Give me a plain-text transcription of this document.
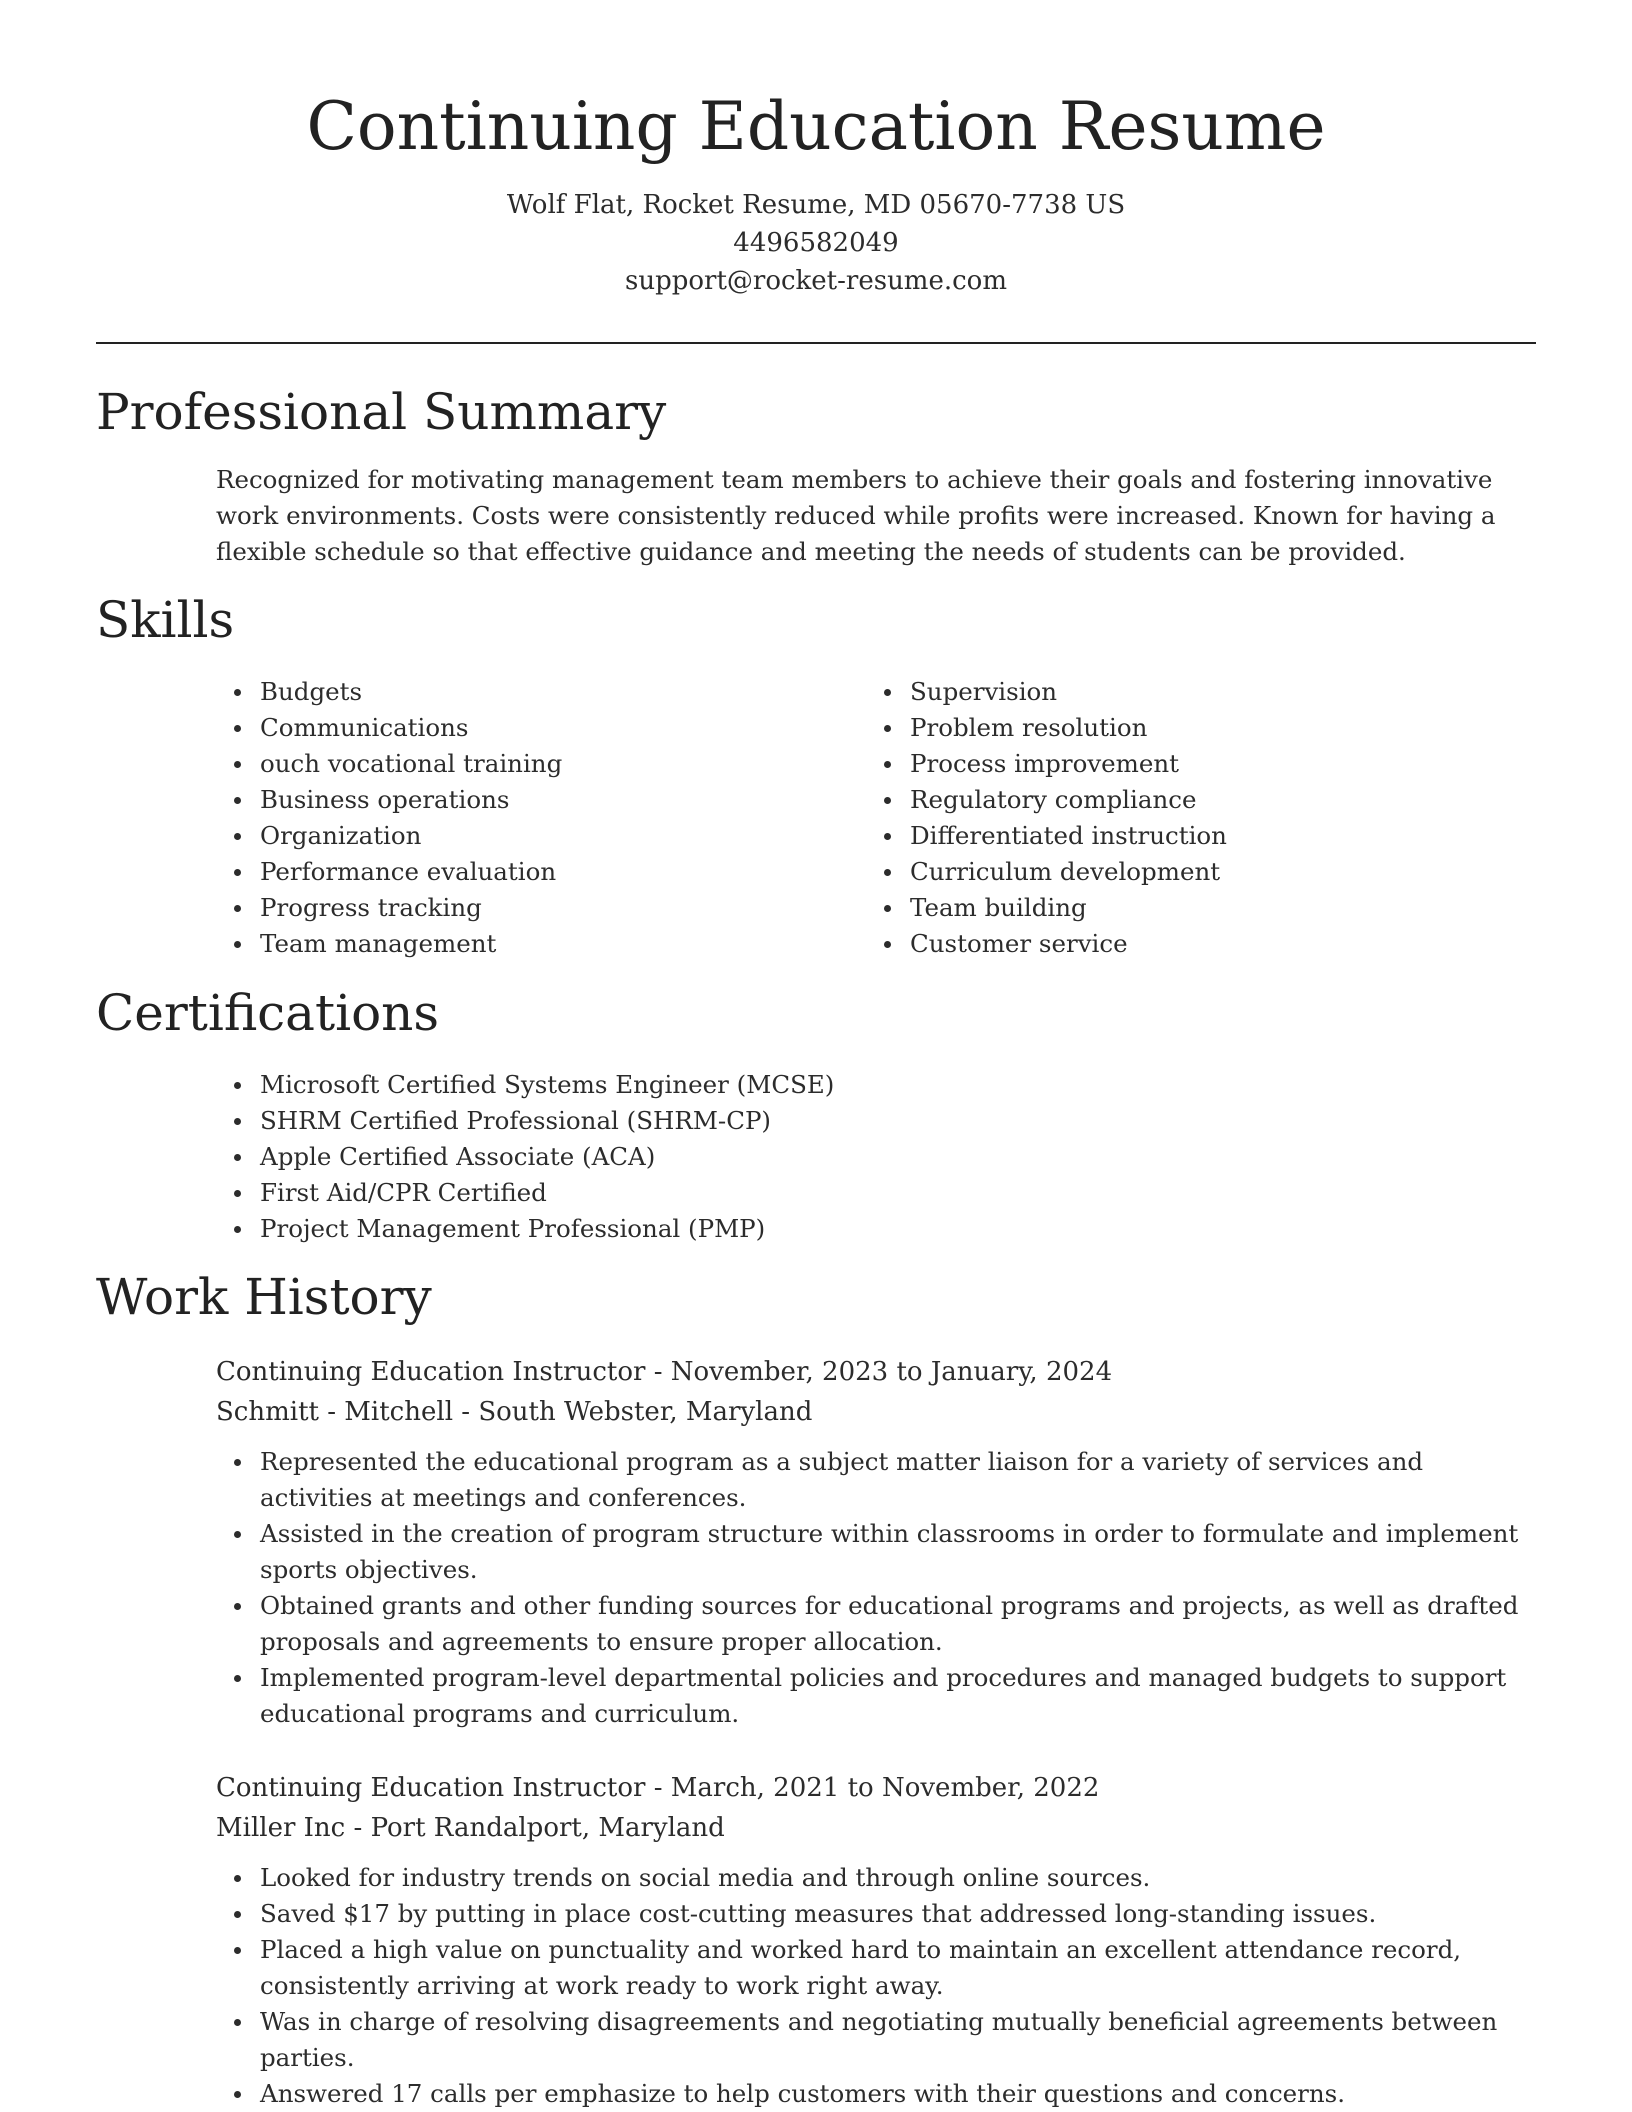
Continuing Education Resume
Wolf Flat, Rocket Resume, MD 05670-7738 US
4496582049
support@rocket-resume.com
Professional Summary

Recognized for motivating management team members to achieve their goals and fostering innovative work environments. Costs were consistently reduced while profits were increased. Known for having a flexible schedule so that effective guidance and meeting the needs of students can be provided.

Skills
Budgets
Communications
ouch vocational training
Business operations
Organization
Performance evaluation
Progress tracking
Team management
Supervision
Problem resolution
Process improvement
Regulatory compliance
Differentiated instruction
Curriculum development
Team building
Customer service
Certifications
Microsoft Certified Systems Engineer (MCSE)
SHRM Certified Professional (SHRM-CP)
Apple Certified Associate (ACA)
First Aid/CPR Certified
Project Management Professional (PMP)
Work History
Continuing Education Instructor - November, 2023 to January, 2024
Schmitt - Mitchell - South Webster, Maryland
Represented the educational program as a subject matter liaison for a variety of services and activities at meetings and conferences.
Assisted in the creation of program structure within classrooms in order to formulate and implement sports objectives.
Obtained grants and other funding sources for educational programs and projects, as well as drafted proposals and agreements to ensure proper allocation.
Implemented program-level departmental policies and procedures and managed budgets to support educational programs and curriculum.
Continuing Education Instructor - March, 2021 to November, 2022
Miller Inc - Port Randalport, Maryland
Looked for industry trends on social media and through online sources.
Saved $17 by putting in place cost-cutting measures that addressed long-standing issues.
Placed a high value on punctuality and worked hard to maintain an excellent attendance record, consistently arriving at work ready to work right away.
Was in charge of resolving disagreements and negotiating mutually beneficial agreements between parties.
Answered 17 calls per emphasize to help customers with their questions and concerns.
